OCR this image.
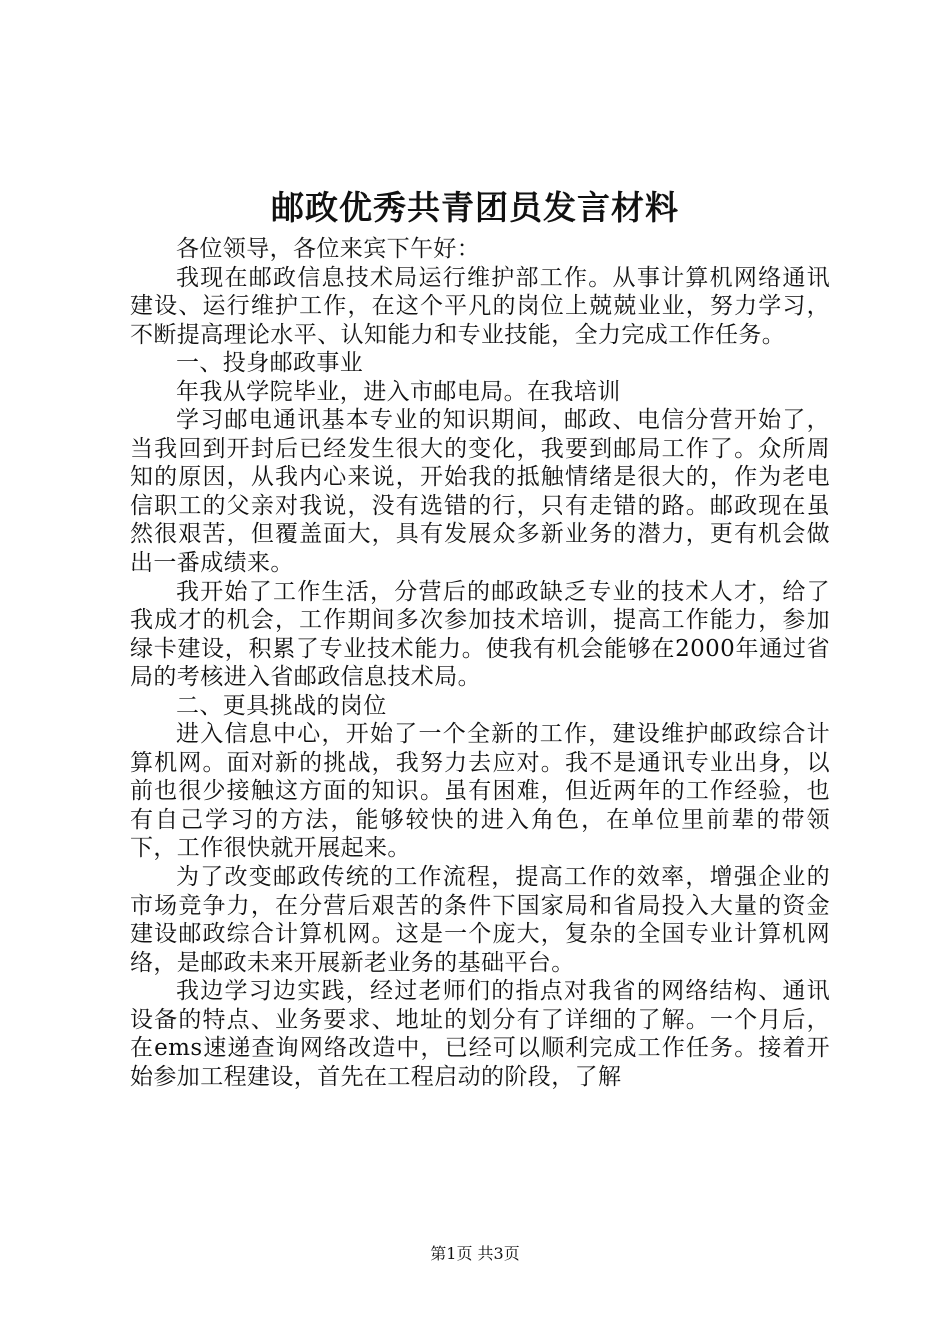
邮政优秀共青团员发言材料

各位领导，各位来宾下午好：

我现在邮政信息技术局运行维护部工作。从事计算机网络通讯建设、运行维护工作，在这个平凡的岗位上兢兢业业，努力学习，不断提高理论水平、认知能力和专业技能，全力完成工作任务。

一、投身邮政事业

年我从学院毕业，进入市邮电局。在我培训

学习邮电通讯基本专业的知识期间，邮政、电信分营开始了，当我回到开封后已经发生很大的变化，我要到邮局工作了。众所周知的原因，从我内心来说，开始我的抵触情绪是很大的，作为老电信职工的父亲对我说，没有选错的行，只有走错的路。邮政现在虽然很艰苦，但覆盖面大，具有发展众多新业务的潜力，更有机会做出一番成绩来。

我开始了工作生活，分营后的邮政缺乏专业的技术人才，给了我成才的机会，工作期间多次参加技术培训，提高工作能力，参加绿卡建设，积累了专业技术能力。使我有机会能够在2000年通过省局的考核进入省邮政信息技术局。

二、更具挑战的岗位

进入信息中心，开始了一个全新的工作，建设维护邮政综合计算机网。面对新的挑战，我努力去应对。我不是通讯专业出身，以前也很少接触这方面的知识。虽有困难，但近两年的工作经验，也有自己学习的方法，能够较快的进入角色，在单位里前辈的带领下，工作很快就开展起来。

为了改变邮政传统的工作流程，提高工作的效率，增强企业的市场竞争力，在分营后艰苦的条件下国家局和省局投入大量的资金建设邮政综合计算机网。这是一个庞大，复杂的全国专业计算机网络，是邮政未来开展新老业务的基础平台。

我边学习边实践，经过老师们的指点对我省的网络结构、通讯设备的特点、业务要求、地址的划分有了详细的了解。一个月后，在ems速递查询网络改造中，已经可以顺利完成工作任务。接着开始参加工程建设，首先在工程启动的阶段，了解

第1页 共3页
